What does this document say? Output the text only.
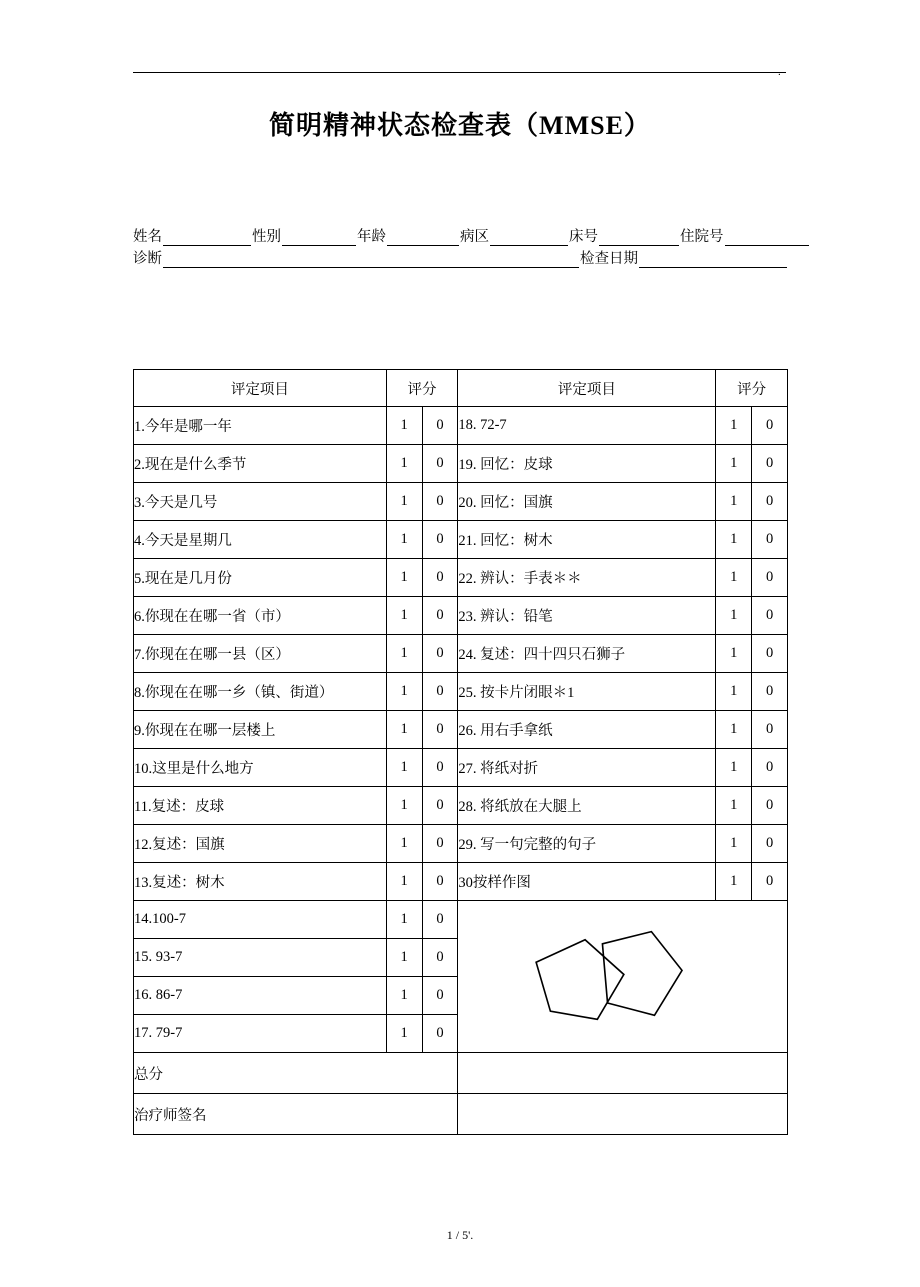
.
简明精神状态检查表（MMSE）
姓名	性别	年龄	病区	床号	住院号
诊断	检查日期
评定项目	评分		评定项目	评分	
1.今年是哪一年	1	0	18. 72-7	1	0
2.现在是什么季节	1	0	19. 回忆：皮球	1	0
3.今天是几号	1	0	20. 回忆：国旗	1	0
4.今天是星期几	1	0	21. 回忆：树木	1	0
5.现在是几月份	1	0	22. 辨认：手表＊＊	1	0
6.你现在在哪一省（市）	1	0	23. 辨认：铅笔	1	0
7.你现在在哪一县（区）	1	0	24. 复述：四十四只石狮子	1	0
8.你现在在哪一乡（镇、街道）	1	0	25. 按卡片闭眼＊1	1	0
9.你现在在哪一层楼上	1	0	26. 用右手拿纸	1	0
10.这里是什么地方	1	0	27. 将纸对折	1	0
11.复述：皮球	1	0	28. 将纸放在大腿上	1	0
12.复述：国旗	1	0	29. 写一句完整的句子	1	0
13.复述：树木	1	0	30按样作图	1	0
14.100-7	1	0	

15. 93-7	1	0			
16. 86-7	1	0			
17. 79-7	1	0			
总分					
治疗师签名					
1 / 5'.
